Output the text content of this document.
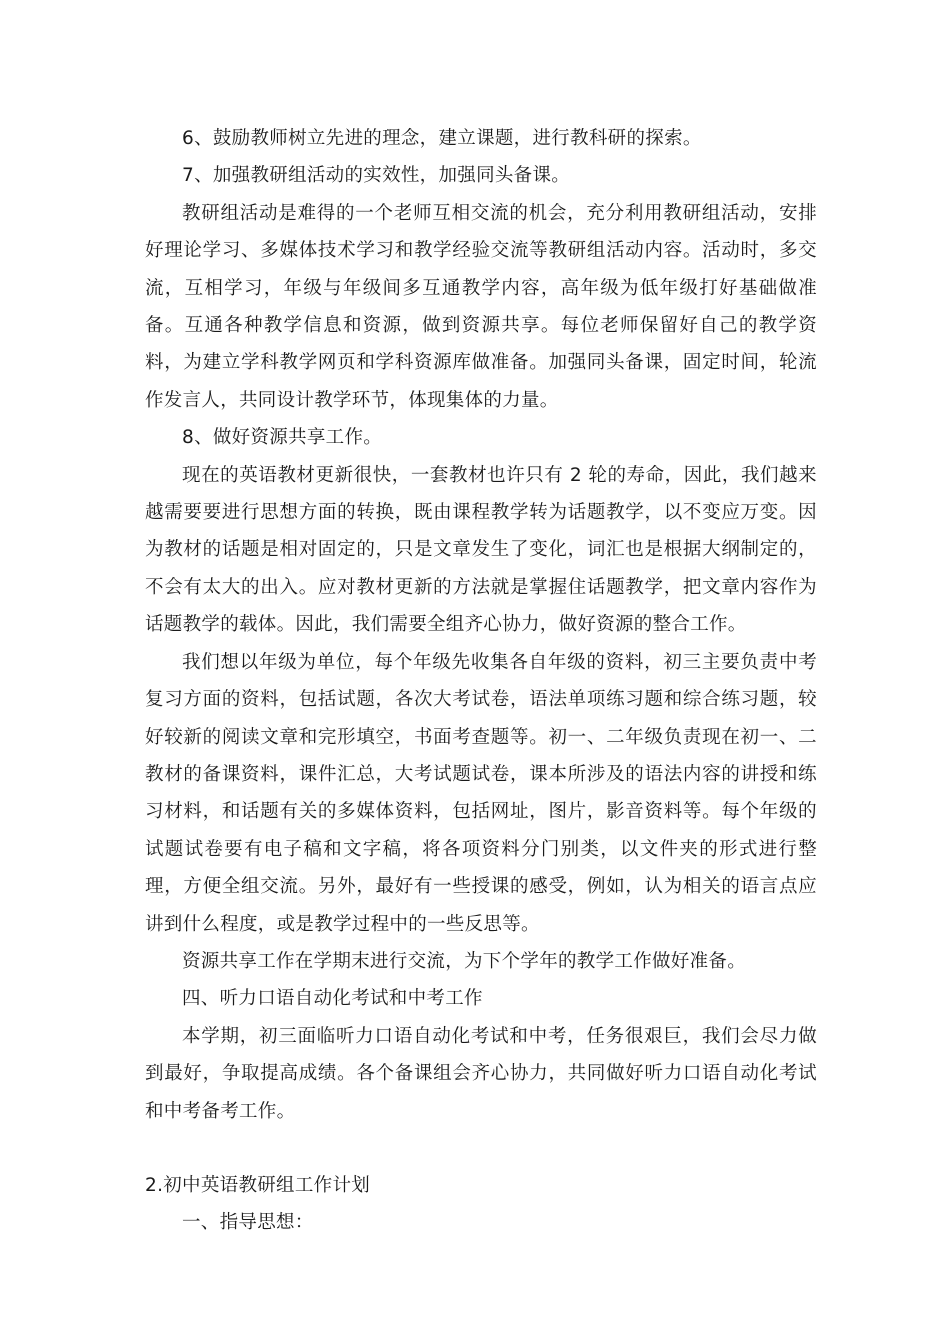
6、鼓励教师树立先进的理念，建立课题，进行教科研的探索。

7、加强教研组活动的实效性，加强同头备课。

教研组活动是难得的一个老师互相交流的机会，充分利用教研组活动，安排好理论学习、多媒体技术学习和教学经验交流等教研组活动内容。活动时，多交流，互相学习，年级与年级间多互通教学内容，高年级为低年级打好基础做准备。互通各种教学信息和资源，做到资源共享。每位老师保留好自己的教学资料，为建立学科教学网页和学科资源库做准备。加强同头备课，固定时间，轮流作发言人，共同设计教学环节，体现集体的力量。

8、做好资源共享工作。

现在的英语教材更新很快，一套教材也许只有 2 轮的寿命，因此，我们越来越需要要进行思想方面的转换，既由课程教学转为话题教学，以不变应万变。因为教材的话题是相对固定的，只是文章发生了变化，词汇也是根据大纲制定的，不会有太大的出入。应对教材更新的方法就是掌握住话题教学，把文章内容作为话题教学的载体。因此，我们需要全组齐心协力，做好资源的整合工作。

我们想以年级为单位，每个年级先收集各自年级的资料，初三主要负责中考复习方面的资料，包括试题，各次大考试卷，语法单项练习题和综合练习题，较好较新的阅读文章和完形填空，书面考查题等。初一、二年级负责现在初一、二教材的备课资料，课件汇总，大考试题试卷，课本所涉及的语法内容的讲授和练习材料，和话题有关的多媒体资料，包括网址，图片，影音资料等。每个年级的试题试卷要有电子稿和文字稿，将各项资料分门别类，以文件夹的形式进行整理，方便全组交流。另外，最好有一些授课的感受，例如，认为相关的语言点应讲到什么程度，或是教学过程中的一些反思等。

资源共享工作在学期末进行交流，为下个学年的教学工作做好准备。

四、听力口语自动化考试和中考工作

本学期，初三面临听力口语自动化考试和中考，任务很艰巨，我们会尽力做到最好，争取提高成绩。各个备课组会齐心协力，共同做好听力口语自动化考试和中考备考工作。

2.初中英语教研组工作计划

一、指导思想：
